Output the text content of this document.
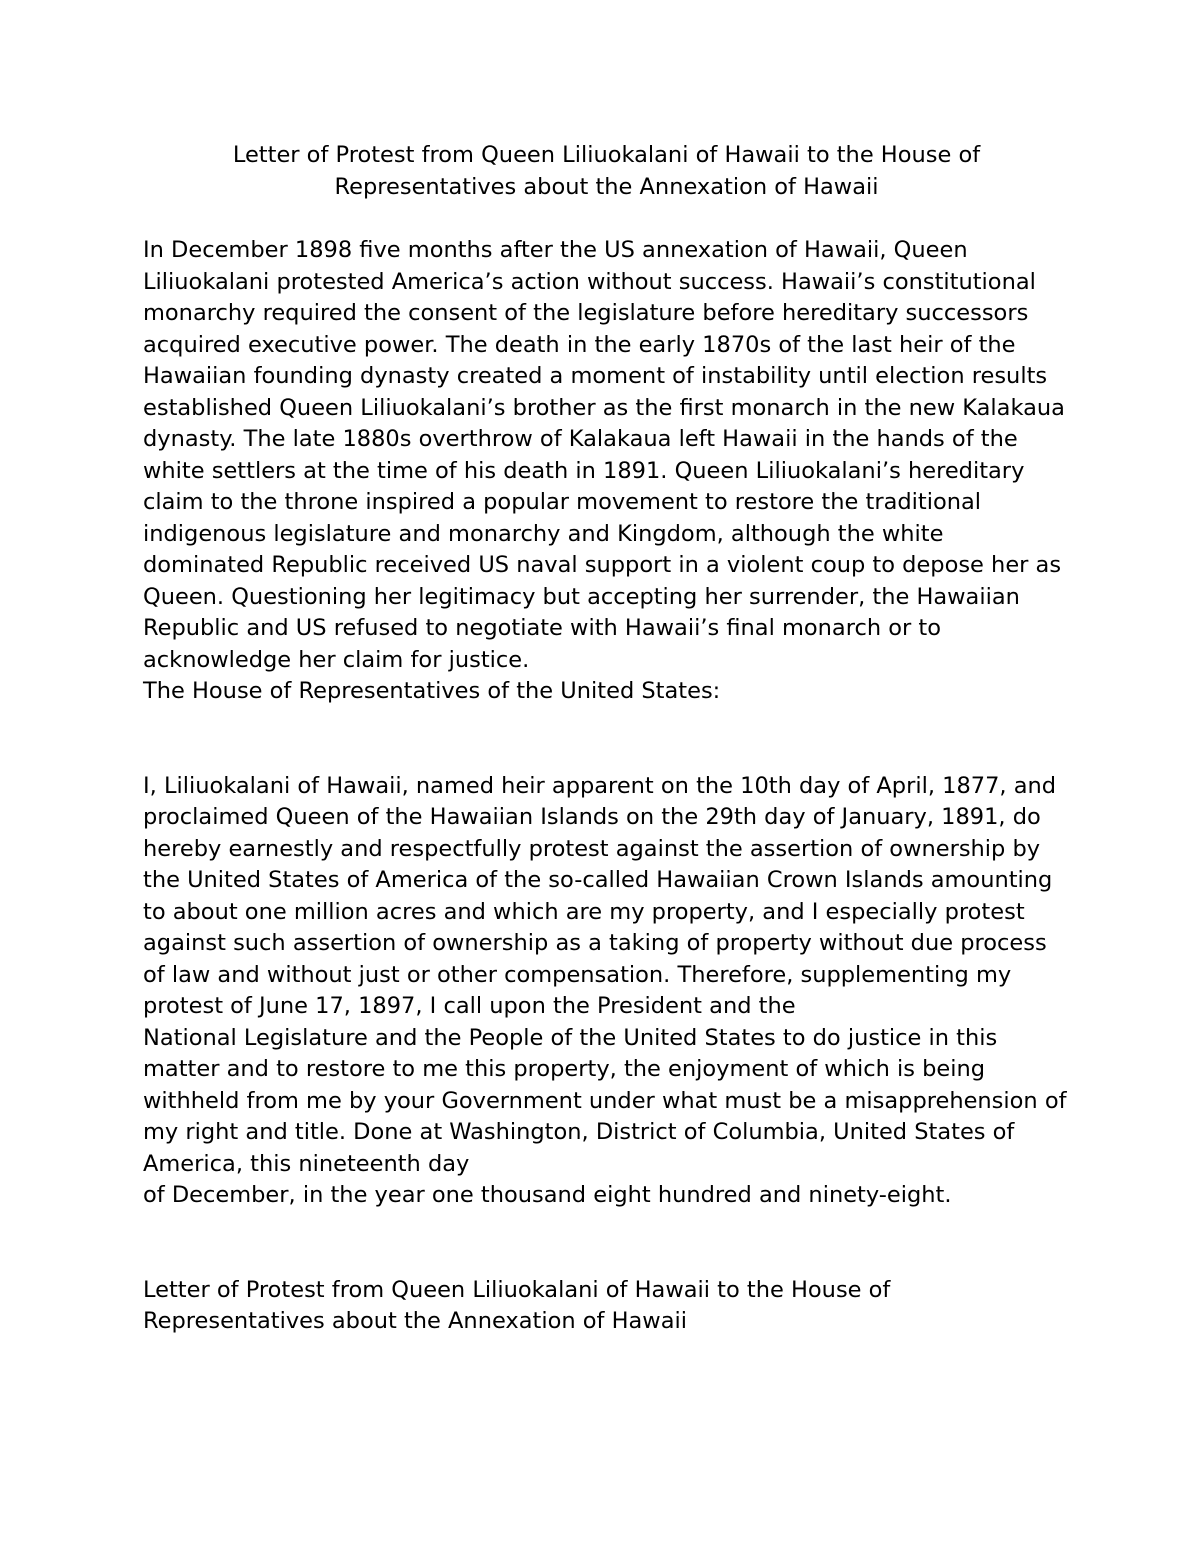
Letter of Protest from Queen Liliuokalani of Hawaii to the House of
Representatives about the Annexation of Hawaii

In December 1898 five months after the US annexation of Hawaii, Queen Liliuokalani protested America’s action without success. Hawaii’s constitutional monarchy required the consent of the legislature before hereditary successors acquired executive power. The death in the early 1870s of the last heir of the Hawaiian founding dynasty created a moment of instability until election results established Queen Liliuokalani’s brother as the first monarch in the new Kalakaua dynasty. The late 1880s overthrow of Kalakaua left Hawaii in the hands of the white settlers at the time of his death in 1891. Queen Liliuokalani’s hereditary claim to the throne inspired a popular movement to restore the traditional indigenous legislature and monarchy and Kingdom, although the white dominated Republic received US naval support in a violent coup to depose her as Queen. Questioning her legitimacy but accepting her surrender, the Hawaiian Republic and US refused to negotiate with Hawaii’s final monarch or to acknowledge her claim for justice.

The House of Representatives of the United States:

I, Liliuokalani of Hawaii, named heir apparent on the 10th day of April, 1877, and proclaimed Queen of the Hawaiian Islands on the 29th day of January, 1891, do hereby earnestly and respectfully protest against the assertion of ownership by the United States of America of the so-called Hawaiian Crown Islands amounting to about one million acres and which are my property, and I especially protest against such assertion of ownership as a taking of property without due process of law and without just or other compensation. Therefore, supplementing my protest of June 17, 1897, I call upon the President and the

National Legislature and the People of the United States to do justice in this matter and to restore to me this property, the enjoyment of which is being withheld from me by your Government under what must be a misapprehension of my right and title. Done at Washington, District of Columbia, United States of America, this nineteenth day

of December, in the year one thousand eight hundred and ninety-eight.

Letter of Protest from Queen Liliuokalani of Hawaii to the House of
Representatives about the Annexation of Hawaii
